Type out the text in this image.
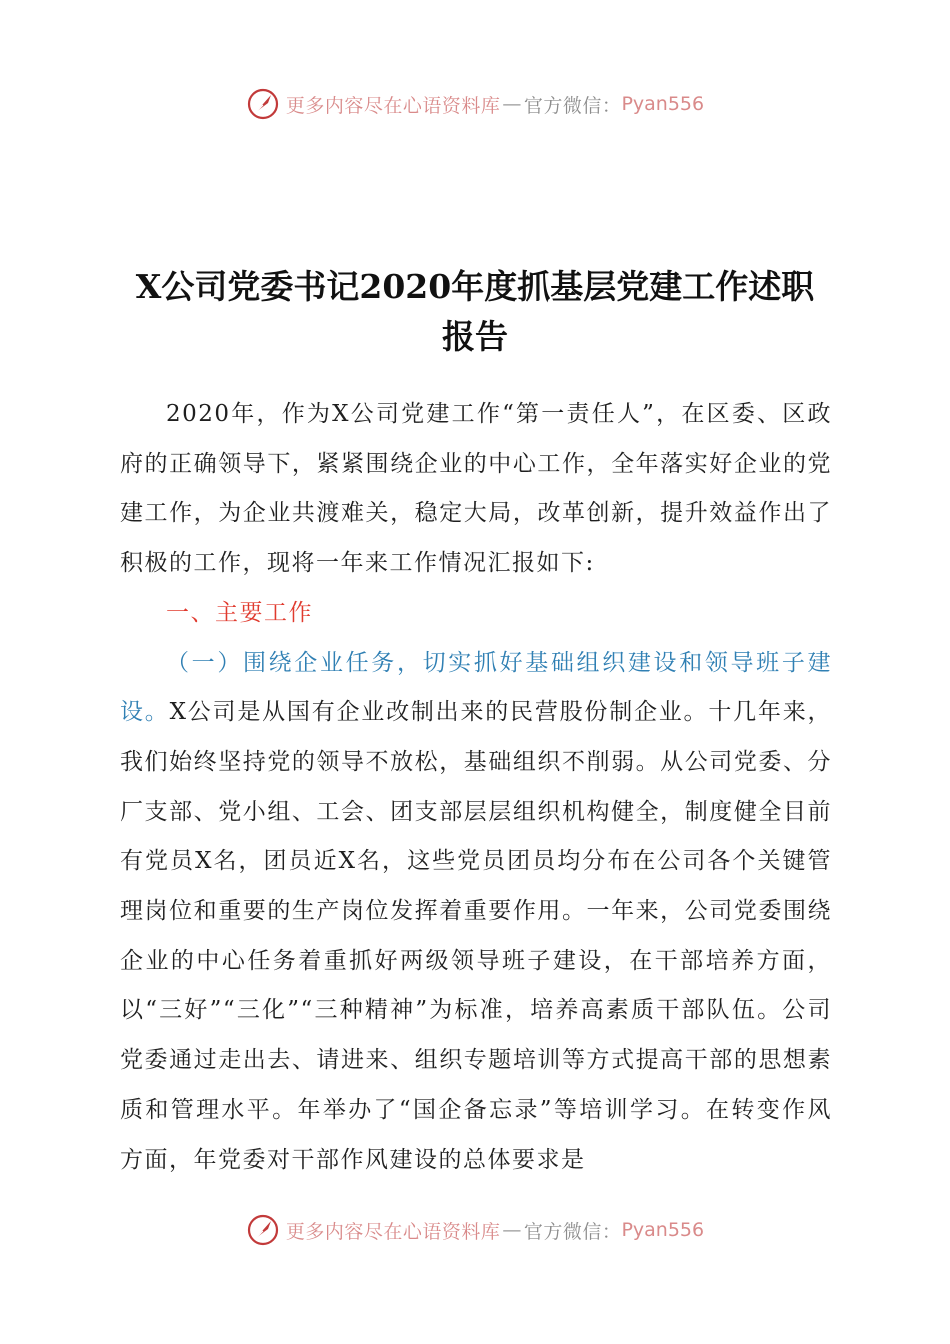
更多内容尽在心语资料库 — 官方微信： Pyan556
X公司党委书记2020年度抓基层党建工作述职
报告

2020年，作为X公司党建工作“第一责任人”，在区委、区政府的正确领导下，紧紧围绕企业的中心工作，全年落实好企业的党建工作，为企业共渡难关，稳定大局，改革创新，提升效益作出了积极的工作，现将一年来工作情况汇报如下:

一、主要工作

（一）围绕企业任务，切实抓好基础组织建设和领导班子建设。X公司是从国有企业改制出来的民营股份制企业。十几年来，我们始终坚持党的领导不放松，基础组织不削弱。从公司党委、分厂支部、党小组、工会、团支部层层组织机构健全，制度健全目前有党员X名，团员近X名，这些党员团员均分布在公司各个关键管理岗位和重要的生产岗位发挥着重要作用。一年来，公司党委围绕企业的中心任务着重抓好两级领导班子建设，在干部培养方面，以“三好”“三化”“三种精神”为标准，培养高素质干部队伍。公司党委通过走出去、请进来、组织专题培训等方式提高干部的思想素质和管理水平。年举办了“国企备忘录”等培训学习。在转变作风方面，年党委对干部作风建设的总体要求是

更多内容尽在心语资料库 — 官方微信： Pyan556
